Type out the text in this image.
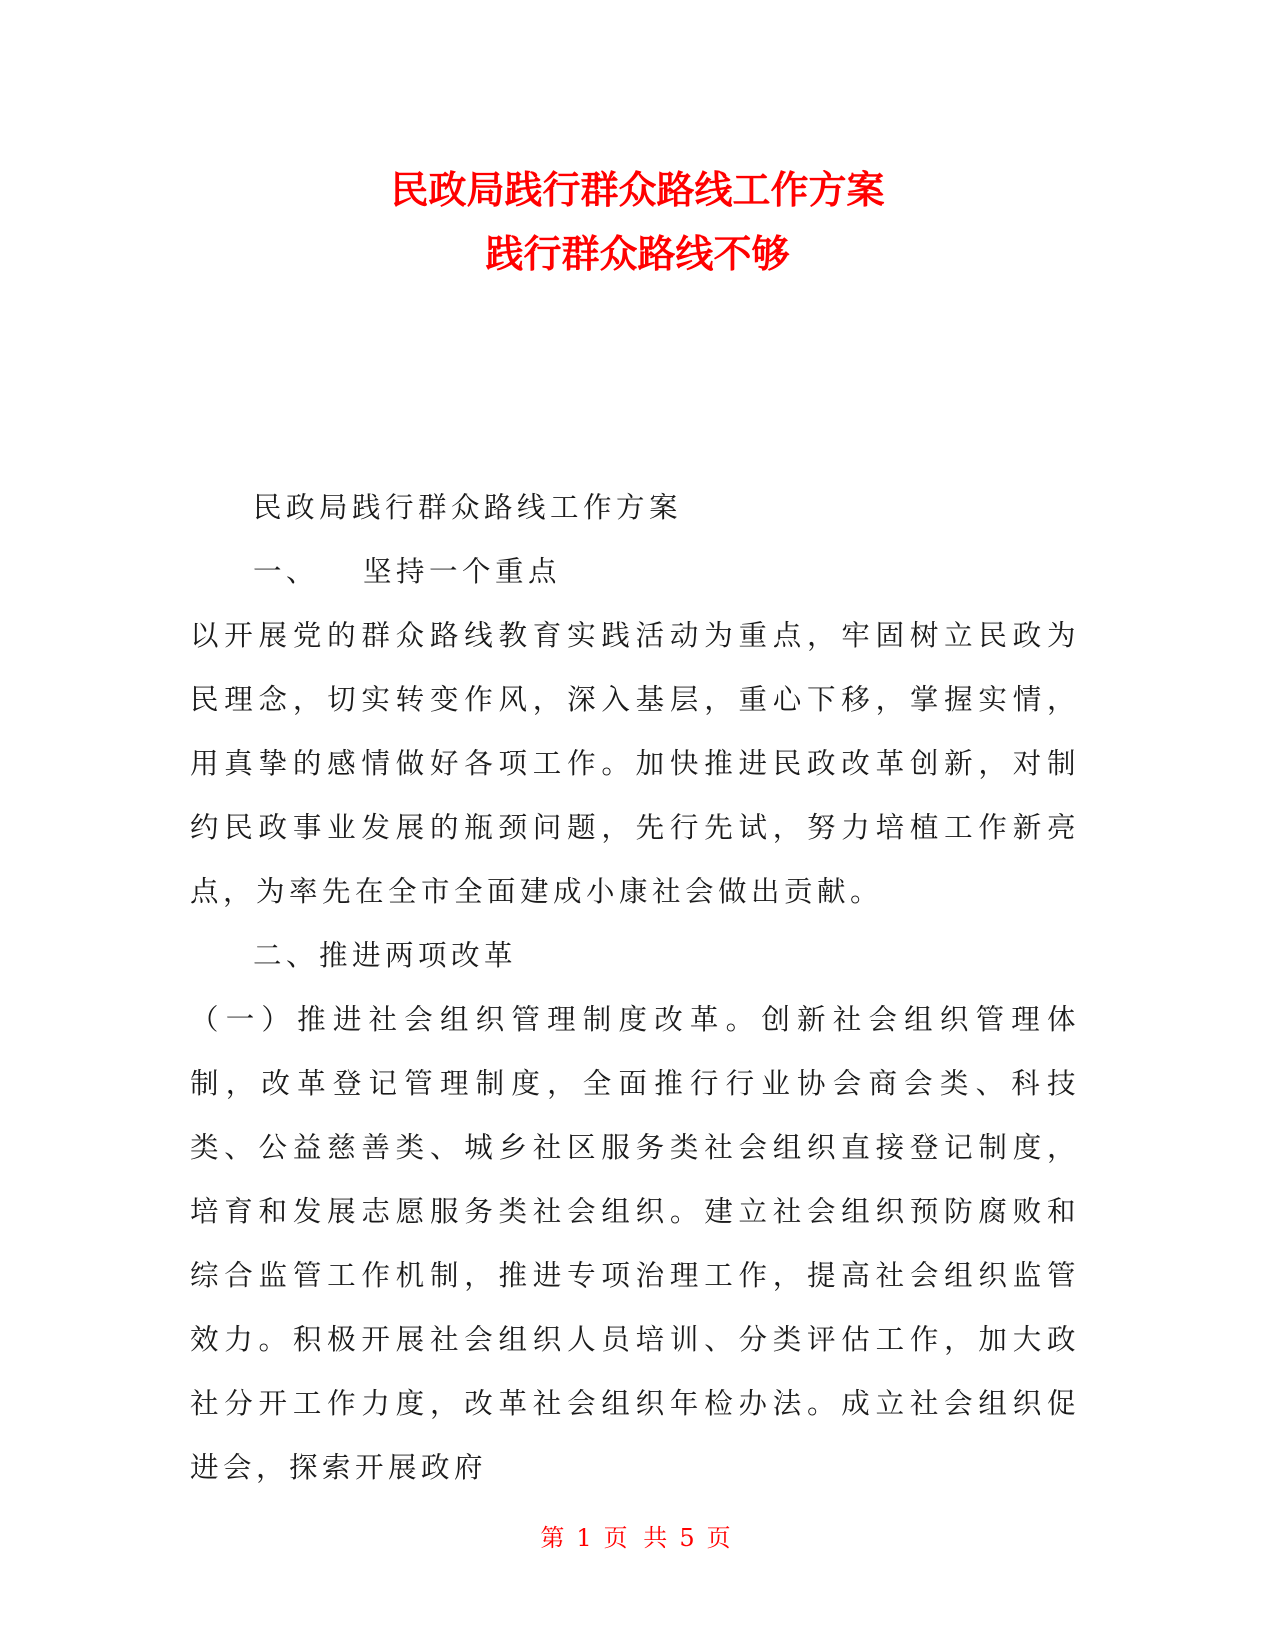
民政局践行群众路线工作方案
践行群众路线不够

民政局践行群众路线工作方案

一、 坚持一个重点

以开展党的群众路线教育实践活动为重点，牢固树立民政为民理念，切实转变作风，深入基层，重心下移，掌握实情，用真挚的感情做好各项工作。加快推进民政改革创新，对制约民政事业发展的瓶颈问题，先行先试，努力培植工作新亮点，为率先在全市全面建成小康社会做出贡献。

二、推进两项改革

（一）推进社会组织管理制度改革。创新社会组织管理体制，改革登记管理制度，全面推行行业协会商会类、科技类、公益慈善类、城乡社区服务类社会组织直接登记制度，培育和发展志愿服务类社会组织。建立社会组织预防腐败和综合监管工作机制，推进专项治理工作，提高社会组织监管效力。积极开展社会组织人员培训、分类评估工作，加大政社分开工作力度，改革社会组织年检办法。成立社会组织促进会，探索开展政府

第 1 页 共 5 页
